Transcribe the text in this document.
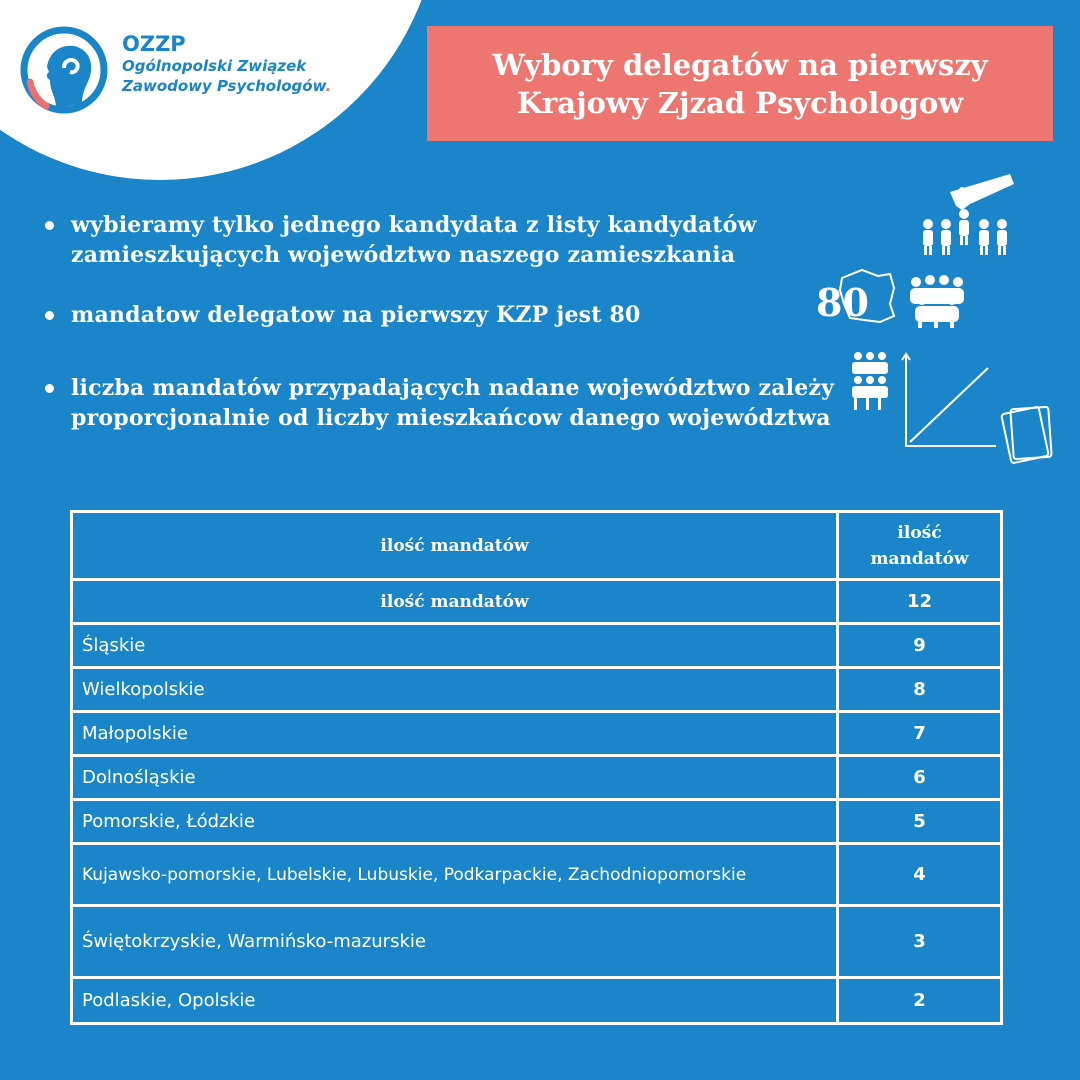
OZZP
Ogólnopolski Związek
Zawodowy Psychologów.
Wybory delegatów na pierwszy
Krajowy Zjzad Psychologow
wybieramy tylko jednego kandydata z listy kandydatów zamieszkujących województwo naszego zamieszkania
mandatow delegatow na pierwszy KZP jest 80
liczba mandatów przypadających nadane województwo zależy proporcjonalnie od liczby mieszkańcow danego województwa
80
ilość mandatów	ilość mandatów
ilość mandatów	12
Śląskie	9
Wielkopolskie	8
Małopolskie	7
Dolnośląskie	6
Pomorskie, Łódzkie	5
Kujawsko-pomorskie, Lubelskie, Lubuskie, Podkarpackie, Zachodniopomorskie	4
Świętokrzyskie, Warmińsko-mazurskie	3
Podlaskie, Opolskie	2
